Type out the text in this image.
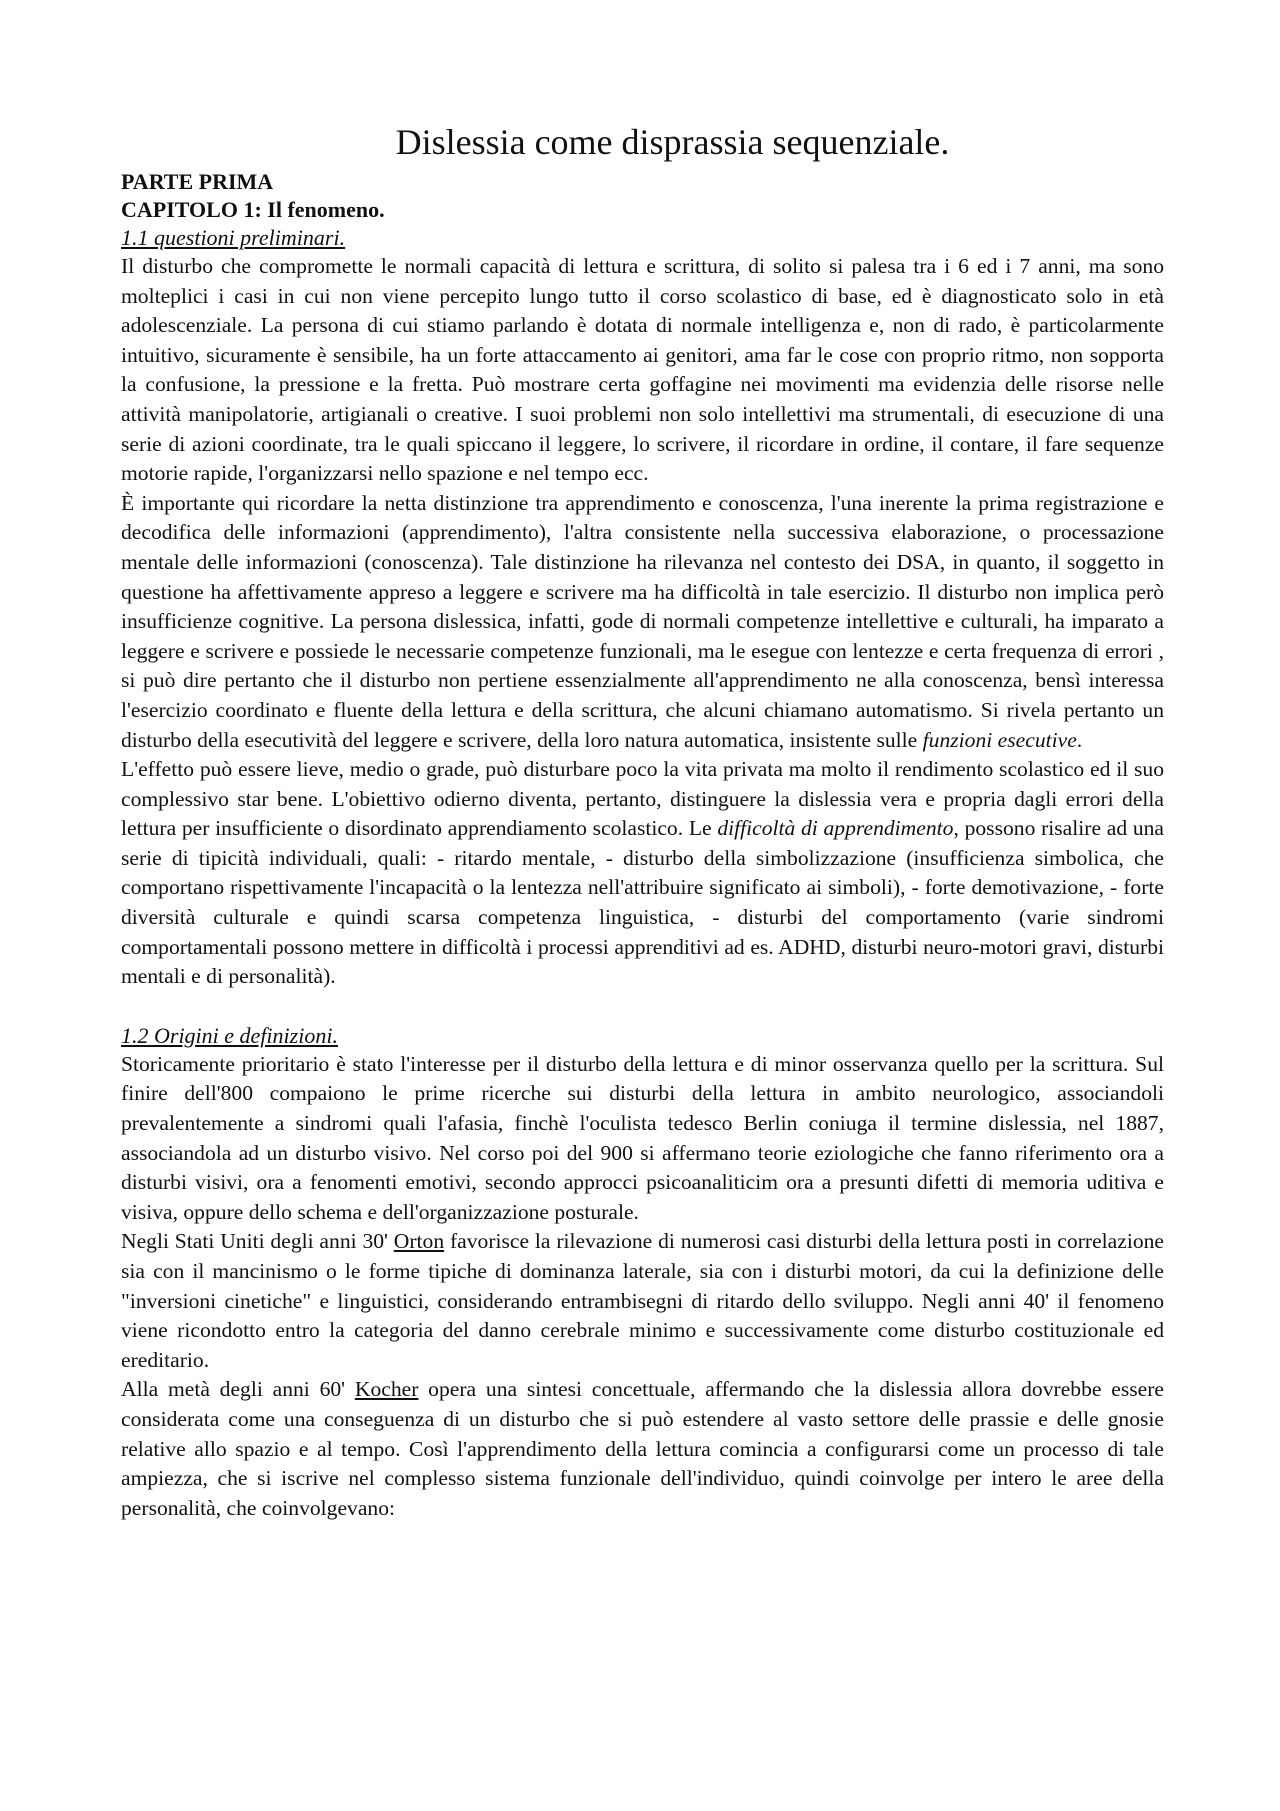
Dislessia come disprassia sequenziale.

PARTE PRIMA

CAPITOLO 1: Il fenomeno.

1.1 questioni preliminari.

Il disturbo che compromette le normali capacità di lettura e scrittura, di solito si palesa tra i 6 ed i 7 anni, ma sono molteplici i casi in cui non viene percepito lungo tutto il corso scolastico di base, ed è diagnosticato solo in età adolescenziale. La persona di cui stiamo parlando è dotata di normale intelligenza e, non di rado, è particolarmente intuitivo, sicuramente è sensibile, ha un forte attaccamento ai genitori, ama far le cose con proprio ritmo, non sopporta la confusione, la pressione e la fretta. Può mostrare certa goffagine nei movimenti ma evidenzia delle risorse nelle attività manipolatorie, artigianali o creative. I suoi problemi non solo intellettivi ma strumentali, di esecuzione di una serie di azioni coordinate, tra le quali spiccano il leggere, lo scrivere, il ricordare in ordine, il contare, il fare sequenze motorie rapide, l'organizzarsi nello spazione e nel tempo ecc.

È importante qui ricordare la netta distinzione tra apprendimento e conoscenza, l'una inerente la prima registrazione e decodifica delle informazioni (apprendimento), l'altra consistente nella successiva elaborazione, o processazione mentale delle informazioni (conoscenza). Tale distinzione ha rilevanza nel contesto dei DSA, in quanto, il soggetto in questione ha affettivamente appreso a leggere e scrivere ma ha difficoltà in tale esercizio. Il disturbo non implica però insufficienze cognitive. La persona dislessica, infatti, gode di normali competenze intellettive e culturali, ha imparato a leggere e scrivere e possiede le necessarie competenze funzionali, ma le esegue con lentezze e certa frequenza di errori , si può dire pertanto che il disturbo non pertiene essenzialmente all'apprendimento ne alla conoscenza, bensì interessa l'esercizio coordinato e fluente della lettura e della scrittura, che alcuni chiamano automatismo. Si rivela pertanto un disturbo della esecutività del leggere e scrivere, della loro natura automatica, insistente sulle funzioni esecutive.

L'effetto può essere lieve, medio o grade, può disturbare poco la vita privata ma molto il rendimento scolastico ed il suo complessivo star bene. L'obiettivo odierno diventa, pertanto, distinguere la dislessia vera e propria dagli errori della lettura per insufficiente o disordinato apprendiamento scolastico. Le difficoltà di apprendimento, possono risalire ad una serie di tipicità individuali, quali: - ritardo mentale, - disturbo della simbolizzazione (insufficienza simbolica, che comportano rispettivamente l'incapacità o la lentezza nell'attribuire significato ai simboli), - forte demotivazione, - forte diversità culturale e quindi scarsa competenza linguistica, - disturbi del comportamento (varie sindromi comportamentali possono mettere in difficoltà i processi apprenditivi ad es. ADHD, disturbi neuro-motori gravi, disturbi mentali e di personalità).

1.2 Origini e definizioni.

Storicamente prioritario è stato l'interesse per il disturbo della lettura e di minor osservanza quello per la scrittura. Sul finire dell'800 compaiono le prime ricerche sui disturbi della lettura in ambito neurologico, associandoli prevalentemente a sindromi quali l'afasia, finchè l'oculista tedesco Berlin coniuga il termine dislessia, nel 1887, associandola ad un disturbo visivo. Nel corso poi del 900 si affermano teorie eziologiche che fanno riferimento ora a disturbi visivi, ora a fenomenti emotivi, secondo approcci psicoanaliticim ora a presunti difetti di memoria uditiva e visiva, oppure dello schema e dell'organizzazione posturale.

Negli Stati Uniti degli anni 30' Orton favorisce la rilevazione di numerosi casi disturbi della lettura posti in correlazione sia con il mancinismo o le forme tipiche di dominanza laterale, sia con i disturbi motori, da cui la definizione delle "inversioni cinetiche" e linguistici, considerando entrambisegni di ritardo dello sviluppo. Negli anni 40' il fenomeno viene ricondotto entro la categoria del danno cerebrale minimo e successivamente come disturbo costituzionale ed ereditario.

Alla metà degli anni 60' Kocher opera una sintesi concettuale, affermando che la dislessia allora dovrebbe essere considerata come una conseguenza di un disturbo che si può estendere al vasto settore delle prassie e delle gnosie relative allo spazio e al tempo. Così l'apprendimento della lettura comincia a configurarsi come un processo di tale ampiezza, che si iscrive nel complesso sistema funzionale dell'individuo, quindi coinvolge per intero le aree della personalità, che coinvolgevano:
